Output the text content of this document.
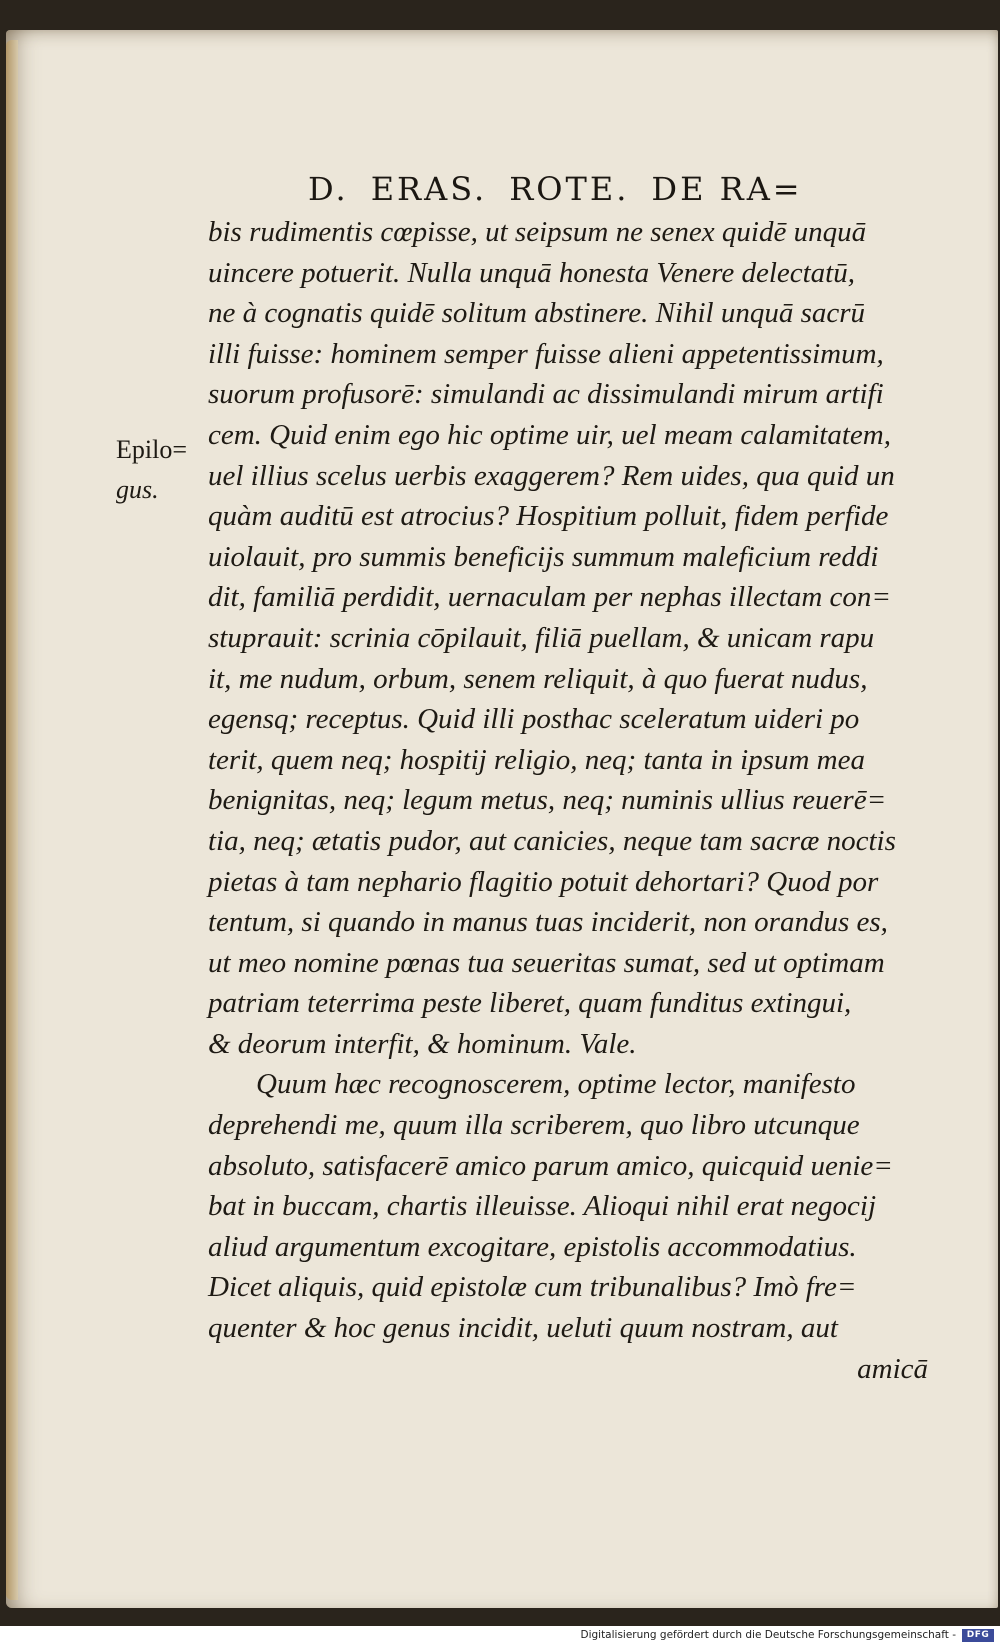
D. ERAS. ROTE. DE RA=
Epilo=
gus.
bis rudimentis cœpisse, ut seipsum ne senex quidē unquā
uincere potuerit. Nulla unquā honesta Venere delectatū,
ne à cognatis quidē solitum abstinere. Nihil unquā sacrū
illi fuisse: hominem semper fuisse alieni appetentissimum,
suorum profusorē: simulandi ac dissimulandi mirum artifi
cem. Quid enim ego hic optime uir, uel meam calamitatem,
uel illius scelus uerbis exaggerem? Rem uides, qua quid un
quàm auditū est atrocius? Hospitium polluit, fidem perfide
uiolauit, pro summis beneficijs summum maleficium reddi
dit, familiā perdidit, uernaculam per nephas illectam con=
stuprauit: scrinia cōpilauit, filiā puellam, & unicam rapu
it, me nudum, orbum, senem reliquit, à quo fuerat nudus,
egensq; receptus. Quid illi posthac sceleratum uideri po
terit, quem neq; hospitij religio, neq; tanta in ipsum mea
benignitas, neq; legum metus, neq; numinis ullius reuerē=
tia, neq; ætatis pudor, aut canicies, neque tam sacræ noctis
pietas à tam nephario flagitio potuit dehortari? Quod por
tentum, si quando in manus tuas inciderit, non orandus es,
ut meo nomine pœnas tua seueritas sumat, sed ut optimam
patriam teterrima peste liberet, quam funditus extingui,
& deorum interfit, & hominum. Vale.
Quum hæc recognoscerem, optime lector, manifesto
deprehendi me, quum illa scriberem, quo libro utcunque
absoluto, satisfacerē amico parum amico, quicquid uenie=
bat in buccam, chartis illeuisse. Alioqui nihil erat negocij
aliud argumentum excogitare, epistolis accommodatius.
Dicet aliquis, quid epistolæ cum tribunalibus? Imò fre=
quenter & hoc genus incidit, ueluti quum nostram, aut
amicā
Digitalisierung gefördert durch die Deutsche Forschungsgemeinschaft -	DFG
